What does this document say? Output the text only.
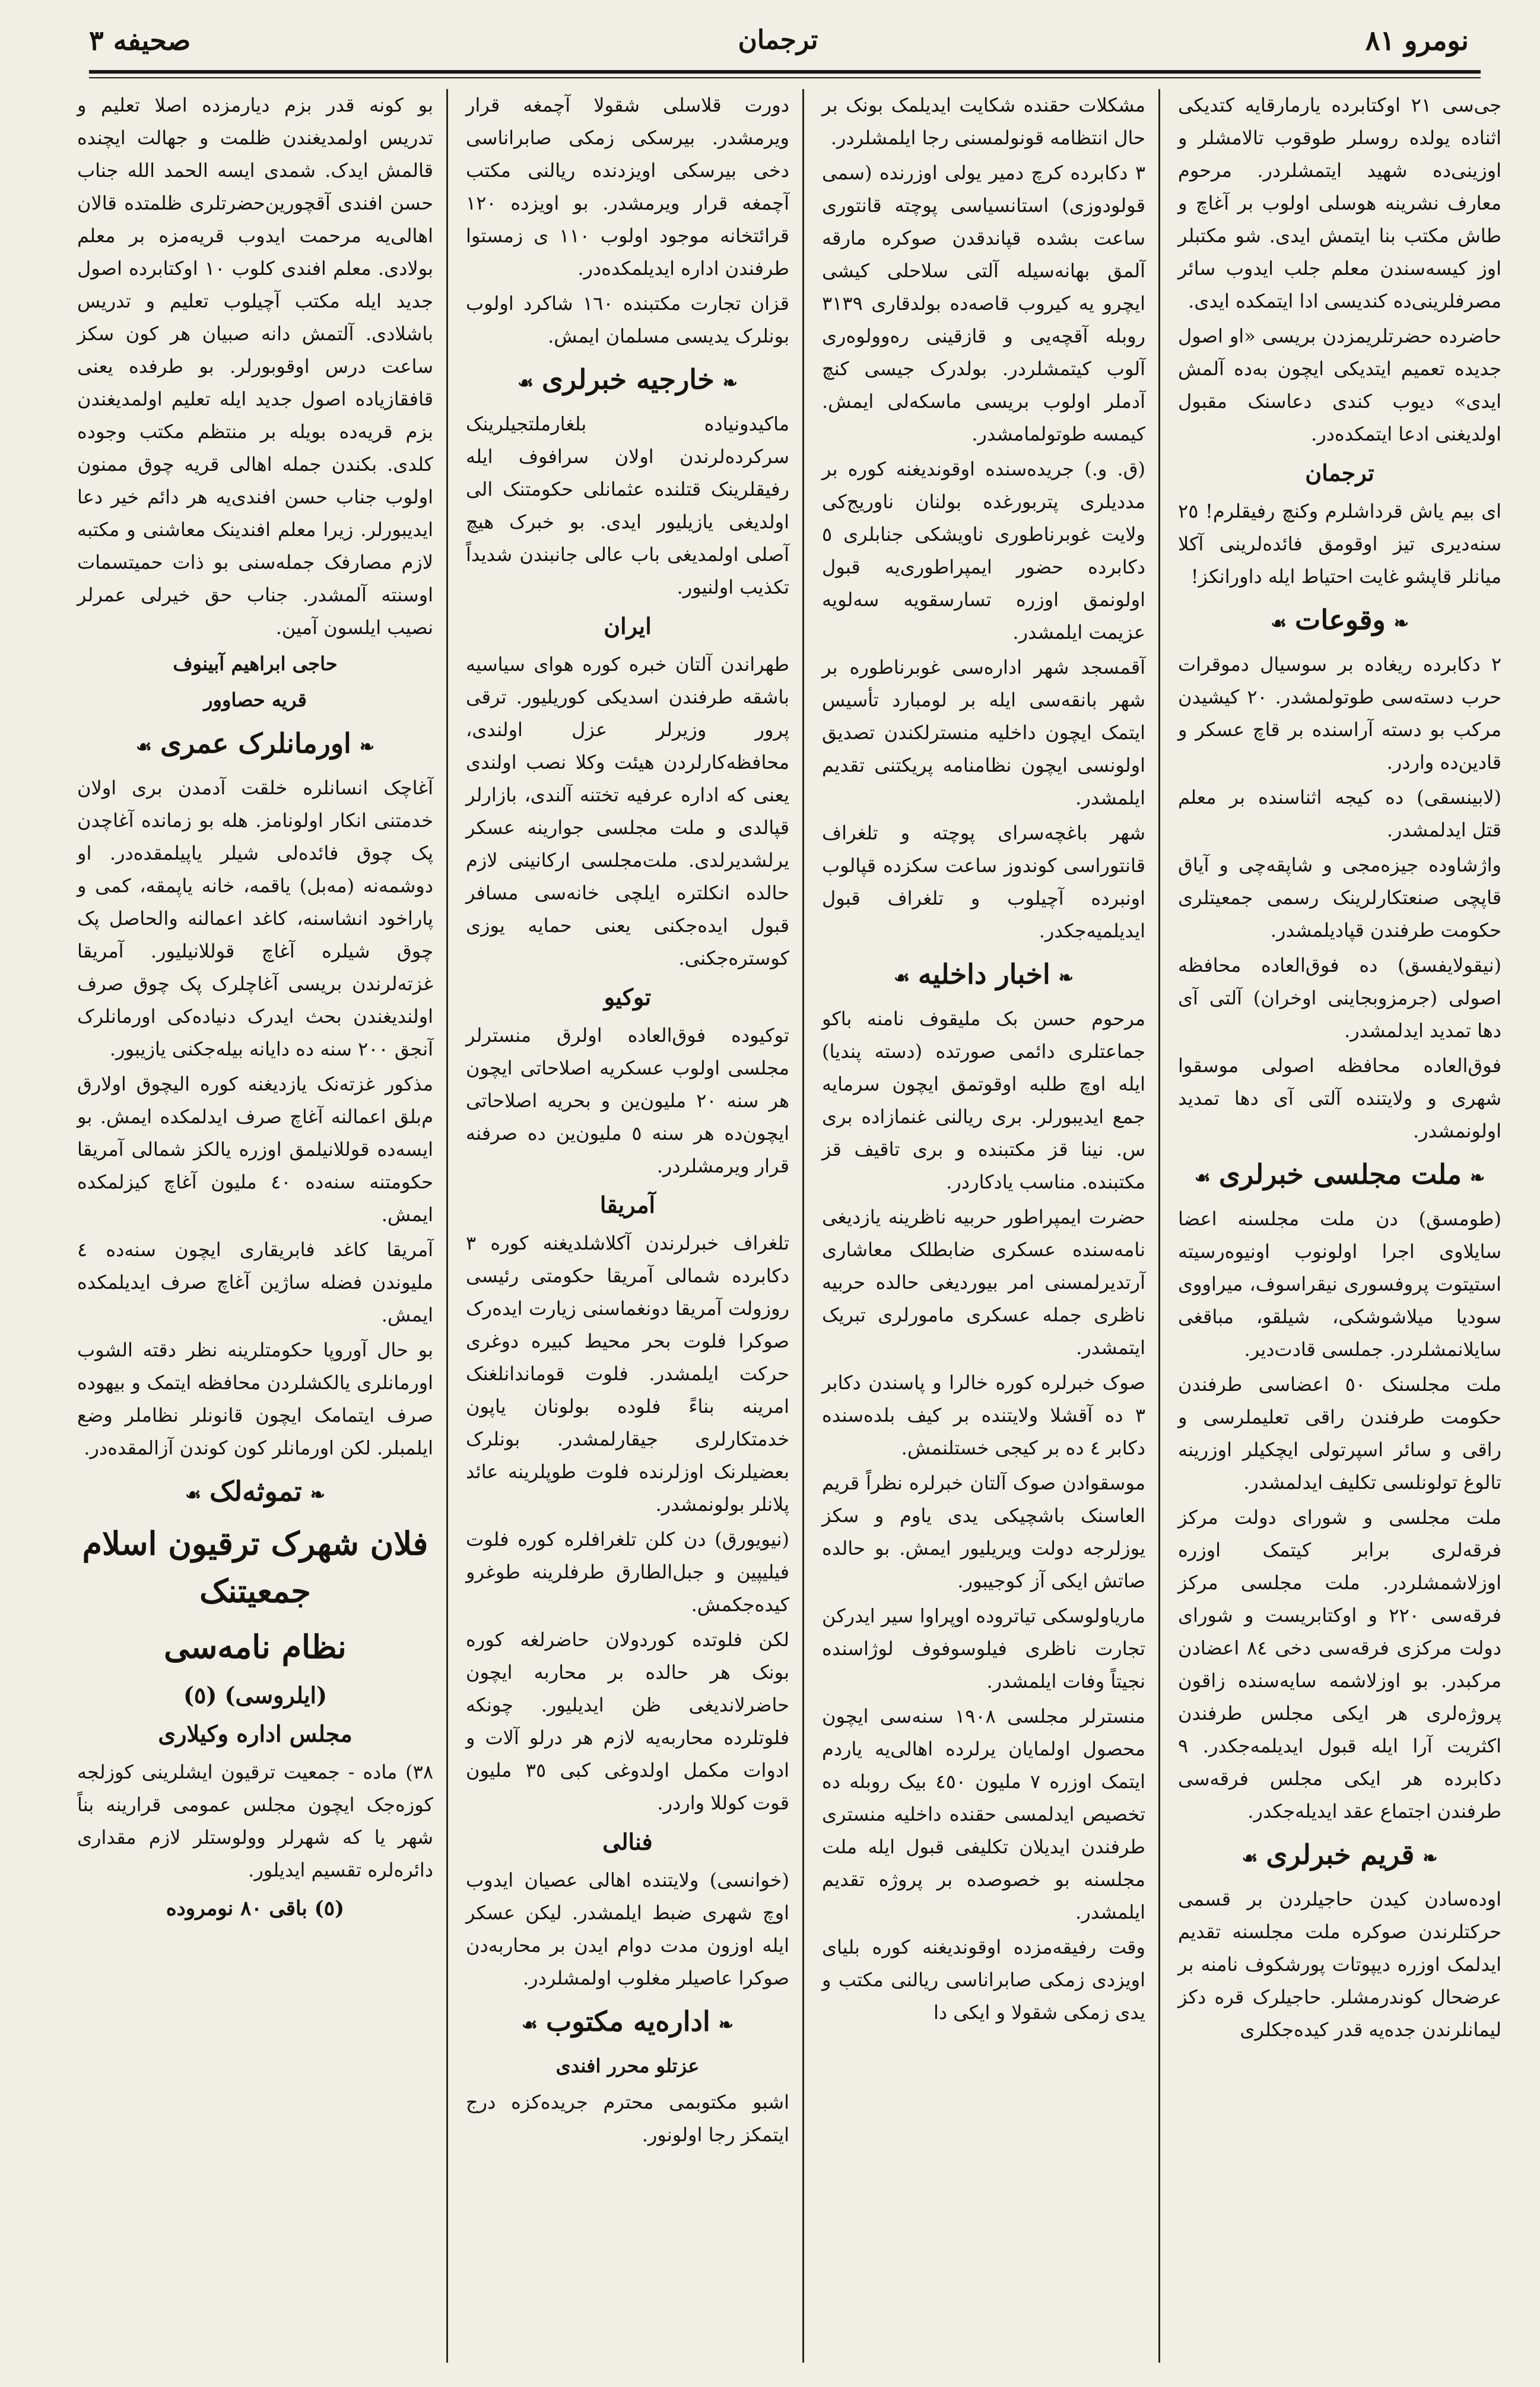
نومرو ٨١
ترجمان
صحیفه ٣

جی‌سی ٢١ اوکتابرده یارمارقایه کتدیکی اثناده یولده روسلر طوقوب تالامشلر و اوزینی‌ده شهید ایتمشلردر. مرحوم معارف نشرینه هوسلی اولوب بر آغاچ و طاش مکتب بنا ایتمش ایدی. شو مکتبلر اوز کیسه‌سندن معلم جلب ایدوب سائر مصرفلرینی‌ده کندیسی ادا ایتمکده ایدی.

حاضرده حضرتلریمزدن بریسی «او اصول جدیده تعمیم ایتدیکی ایچون به‌ده آلمش ایدی» دیوب کندی دعاسنک مقبول اولدیغنی ادعا ایتمکده‌در.

ترجمان

ای بیم یاش قرداشلرم وکنچ رفیقلرم! ٢٥ سنه‌دیری تیز اوقومق فائده‌لرینی آکلا میانلر قاپشو غایت احتیاط ایله داورانکز!

❧وقوعات☙

٢ دکابرده ریغاده بر سوسیال دموقرات حرب دسته‌سی طوتولمشدر. ٢٠ کیشیدن مرکب بو دسته آراسنده بر قاچ عسکر و قادین‌ده واردر.

(لابینسقی) ده کیجه اثناسنده بر معلم قتل ایدلمشدر.

واژشاوده جیزه‌مجی و شاپقه‌چی و آیاق قاپچی صنعتکارلرینک رسمی جمعیتلری حکومت طرفندن قپادیلمشدر.

(نیقولایفسق) ده فوق‌العاده محافظه اصولی (جرمزوبجاینی اوخران) آلتی آی دها تمدید ایدلمشدر.

فوق‌العاده محافظه اصولی موسقوا شهری و ولایتنده آلتی آی دها تمدید اولونمشدر.

❧ملت مجلسی خبرلری☙

(طومسق) دن ملت مجلسنه اعضا سایلاوی اجرا اولونوب اونیوه‌رسیته استیتوت پروفسوری نیقراسوف، میراووی سودیا میلاشوشکی، شیلقو، مباقغی سایلانمشلردر. جملسی قادت‌دیر.

ملت مجلسنک ٥٠ اعضاسی طرفندن حکومت طرفندن راقی تعلیملرسی و راقی و سائر اسپرتولی ایچکیلر اوزرینه تالوغ تولونلسی تکلیف ایدلمشدر.

ملت مجلسی و شورای دولت مرکز فرقه‌لری برابر کیتمک اوزره اوزلاشمشلردر. ملت مجلسی مرکز فرقه‌سی ٢٢٠ و اوکتابریست و شورای دولت مرکزی فرقه‌سی دخی ٨٤ اعضادن مرکبدر. بو اوزلاشمه سایه‌سنده زاقون پروژه‌لری هر ایکی مجلس طرفندن اکثریت آرا ایله قبول ایدیلمه‌جکدر. ٩ دکابرده هر ایکی مجلس فرقه‌سی طرفندن اجتماع عقد ایدیله‌جکدر.

❧قریم خبرلری☙

اوده‌سادن کیدن حاجیلردن بر قسمی حرکتلرندن صوکره ملت مجلسنه تقدیم ایدلمک اوزره دیپوتات پورشکوف نامنه بر عرضحال کوندرمشلر. حاجیلرک قره دکز لیمانلرندن جده‌یه قدر کیده‌جکلری

مشکلات حقنده شکایت ایدیلمک بونک بر حال انتظامه قونولمسنی رجا ایلمشلردر.

٣ دکابرده کرچ دمیر یولی اوزرنده (سمی قولودوزی) استانسیاسی پوچته قانتوری ساعت بشده قپاندقدن صوکره مارقه آلمق بهانه‌سیله آلتی سلاحلی کیشی ایچرو یه کیروب قاصه‌ده بولدقاری ٣١٣٩ روبله آقچه‌یی و قازقینی ره‌وولوه‌ری آلوب کیتمشلردر. بولدرک جیسی کنچ آدملر اولوب بریسی ماسکه‌لی ایمش. کیمسه طوتولمامشدر.

(ق. و.) جریده‌سنده اوقوندیغنه کوره بر مددیلری پتربورغده بولنان ناوریج‌کی ولایت غوبرناطوری ناویشکی جنابلری ٥ دکابرده حضور ایمپراطوری‌یه قبول اولونمق اوزره تسارسقویه سه‌لویه عزیمت ایلمشدر.

آقمسجد شهر اداره‌سی غوبرناطوره بر شهر بانقه‌سی ایله بر لومبارد تأسیس ایتمک ایچون داخلیه منسترلکندن تصدیق اولونسی ایچون نظامنامه پریکتنی تقدیم ایلمشدر.

شهر باغچه‌سرای پوچته و تلغراف قانتوراسی کوندوز ساعت سکزده قپالوب اونبرده آچیلوب و تلغراف قبول ایدیلمیه‌جکدر.

❧اخبار داخلیه☙

مرحوم حسن بک ملیقوف نامنه باکو جماعتلری دائمی صورتده (دسته پندیا) ایله اوچ طلبه اوقوتمق ایچون سرمایه جمع ایدیبورلر. بری ریالنی غنمازاده بری س. نینا قز مکتبنده و بری تاقیف قز مکتبنده. مناسب یادکاردر.

حضرت ایمپراطور حربیه ناظرینه یازدیغی نامه‌سنده عسکری ضابطلک معاشاری آرتدیرلمسنی امر بیوردیغی حالده حربیه ناظری جمله عسکری مامورلری تبریک ایتمشدر.

صوک خبرلره کوره خالرا و پاسندن دکابر ٣ ده آقشلا ولایتنده بر کیف بلده‌سنده دکابر ٤ ده بر کیجی خستلنمش.

موسقوادن صوک آلتان خبرلره نظراً قریم العاسنک باشچیکی یدی یاوم و سکز یوزلرجه دولت ویریلیور ایمش. بو حالده صاتش ایکی آز کوجیبور.

ماریاولوسکی تیاتروده اوپراوا سیر ایدرکن تجارت ناظری فیلوسوفوف لوژاسنده نجیتاً وفات ایلمشدر.

منسترلر مجلسی ١٩٠٨ سنه‌سی ایچون محصول اولمایان یرلرده اهالی‌یه یاردم ایتمک اوزره ٧ ملیون ٤٥٠ بیک روبله ده تخصیص ایدلمسی حقنده داخلیه منستری طرفندن ایدیلان تکلیفی قبول ایله ملت مجلسنه بو خصوصده بر پروژه تقدیم ایلمشدر.

وقت رفیقه‌مزده اوقوندیغنه کوره بلیای اویزدی زمکی صابراناسی ریالنی مکتب و یدی زمکی شقولا و ایکی دا

دورت قلاسلی شقولا آچمغه قرار ویرمشدر. بیرسکی زمکی صابراناسی دخی بیرسکی اویزدنده ریالنی مکتب آچمغه قرار ویرمشدر. بو اویزده ١٢٠ قرائتخانه موجود اولوب ١١٠ ی زمستوا طرفندن اداره ایدیلمکده‌در.

قزان تجارت مکتبنده ١٦٠ شاکرد اولوب بونلرک یدیسی مسلمان ایمش.

❧خارجیه خبرلری☙

ماکیدونیاده بلغارملتجیلرینک سرکرده‌لرندن اولان سرافوف ایله رفیقلرینک قتلنده عثمانلی حکومتنک الی اولدیغی یازیلیور ایدی. بو خبرک هیچ آصلی اولمدیغی باب عالی جانبندن شدیداً تکذیب اولنیور.

ایران

طهراندن آلتان خبره کوره هوای سیاسیه باشقه طرفندن اسدیکی کوریلیور. ترقی پرور وزیرلر عزل اولندی، محافظه‌کارلردن هیئت وکلا نصب اولندی یعنی که اداره عرفیه تختنه آلندی، بازارلر قپالدی و ملت مجلسی جوارینه عسکر یرلشدیرلدی. ملت‌مجلسی ارکانینی لازم حالده انکلتره ایلچی خانه‌سی مسافر قبول ایده‌جکنی یعنی حمایه یوزی کوستره‌جکنی.

توکیو

توکیوده فوق‌العاده اولرق منسترلر مجلسی اولوب عسکریه اصلاحاتی ایچون هر سنه ٢٠ ملیون‌ین و بحریه اصلاحاتی ایچون‌ده هر سنه ٥ ملیون‌ین ده صرفنه قرار ویرمشلردر.

آمریقا

تلغراف خبرلرندن آکلاشلدیغنه کوره ٣ دکابرده شمالی آمریقا حکومتی رئیسی روزولت آمریقا دونغماسنی زیارت ایده‌رک صوکرا فلوت بحر محیط کبیره دوغری حرکت ایلمشدر. فلوت قوماندا‌نلغنک امرینه بناءً فلوده بولونان یاپون خدمتکارلری جیقارلمشدر. بونلرک بعضیلرنک اوزلرنده فلوت طوپلرینه عائد پلانلر بولونمشدر.

(نیویورق) دن کلن تلغرافلره کوره فلوت فیلیپین و جبل‌الطارق طرفلرینه طوغرو کیده‌جکمش.

لکن فلوتده کوردولان حاضرلغه کوره بونک هر حالده بر محاربه ایچون حاضرلاندیغی ظن ایدیلیور. چونکه فلوتلرده محاربه‌یه لازم هر درلو آلات و ادوات مکمل اولدوغی کبی ٣٥ ملیون قوت کوللا واردر.

فنالی

(خوانسی) ولایتنده اهالی عصیان ایدوب اوچ شهری ضبط ایلمشدر. لیکن عسکر ایله اوزون مدت دوام ایدن بر محاربه‌دن صوکرا عاصیلر مغلوب اولمشلردر.

❧اداره‌یه مکتوب☙
عزتلو محرر افندی

اشبو مکتوبمی محترم جریده‌کزه درج ایتمکز رجا اولونور.

بو کونه قدر بزم دیارمزده اصلا تعلیم و تدریس اولمدیغندن ظلمت و جهالت ایچنده قالمش ایدک. شمدی ایسه الحمد الله جناب حسن افندی آقچورین‌حضرتلری ظلمتده قالان اهالی‌یه مرحمت ایدوب قریه‌مزه بر معلم بولادی. معلم افندی کلوب ١٠ اوکتابرده اصول جدید ایله مکتب آچیلوب تعلیم و تدریس باشلادی. آلتمش دانه صبیان هر کون سکز ساعت درس اوقوبورلر. بو طرفده یعنی قافقازیاده اصول جدید ایله تعلیم اولمدیغندن بزم قریه‌ده بویله بر منتظم مکتب وجوده کلدی. بکندن جمله اهالی قریه چوق ممنون اولوب جناب حسن افندی‌یه هر دائم خیر دعا ایدیبورلر. زیرا معلم افندینک معاشنی و مکتبه لازم مصارفک جمله‌سنی بو ذات حمیتسمات اوسنته آلمشدر. جناب حق خیرلی عمرلر نصیب ایلسون آمین.

حاجی ابراهیم آبینوف
قریه حصاوور
❧اورمانلرک عمری☙

آغاچک انسانلره خلقت آدمدن بری اولان خدمتنی انکار اولونامز. هله بو زمانده آغاچدن پک چوق فائده‌لی شیلر یاپیلمقده‌در. او دوشمه‌نه (مه‌بل) یاقمه، خانه یاپمقه، کمی و پاراخود انشاسنه، کاغد اعمالنه والحاصل پک چوق شیلره آغاچ قوللانیلیور. آمریقا غزته‌لرندن بریسی آغاچلرک پک چوق صرف اولندیغندن بحث ایدرک دنیاده‌کی اورمانلرک آنجق ٢٠٠ سنه ده دایانه بیله‌جکنی یازیبور.

مذکور غزته‌نک یازدیغنه کوره الیچوق اولارق م‌بلق اعمالنه آغاچ صرف ایدلمکده ایمش. بو ایسه‌ده قوللانیلمق اوزره یالکز شمالی آمریقا حکومتنه سنه‌ده ٤٠ ملیون آغاچ کیزلمکده ایمش.

آمریقا کاغد فابریقاری ایچون سنه‌ده ٤ ملیوندن فضله ساژین آغاچ صرف ایدیلمکده ایمش.

بو حال آوروپا حکومتلرینه نظر دقته الشوب اورمانلری یالکشلردن محافظه ایتمک و بیهوده صرف ایتمامک ایچون قانونلر نظاملر وضع ایلمبلر. لکن اورمانلر کون کوندن آزالمقده‌در.

❧تموثه‌لک☙
فلان شهرک ترقیون اسلام جمعیتنک
نظام نامه‌سی
(ایلروسی) (٥)
مجلس اداره وکیلاری

٣٨) ماده - جمعیت ترقیون ایشلرینی کوزلجه کوزه‌جک ایچون مجلس عمومی قرارینه بناً شهر یا که شهرلر وولوستلر لازم مقداری دائره‌لره تقسیم ایدیلور.

(٥) باقی ٨٠ نومروده
